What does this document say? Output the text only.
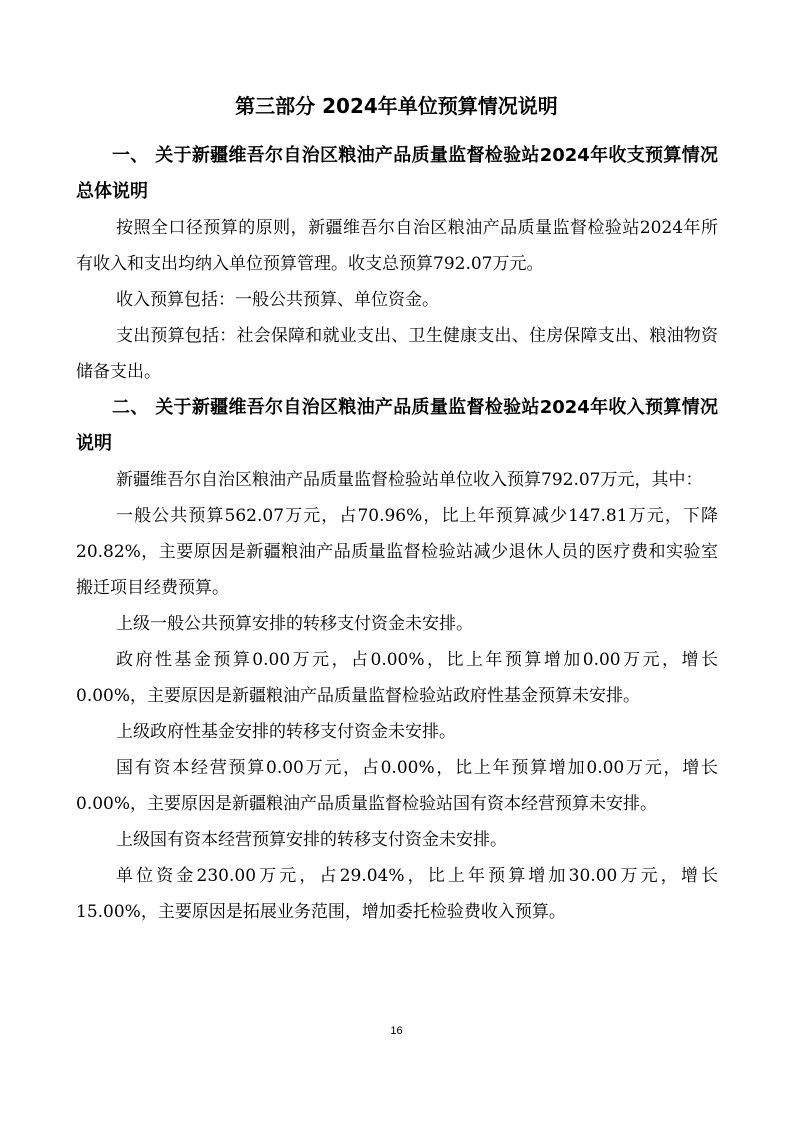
第三部分 2024年单位预算情况说明

一、 关于新疆维吾尔自治区粮油产品质量监督检验站2024年收支预算情况总体说明

按照全口径预算的原则，新疆维吾尔自治区粮油产品质量监督检验站2024年所有收入和支出均纳入单位预算管理。收支总预算792.07万元。

收入预算包括：一般公共预算、单位资金。

支出预算包括：社会保障和就业支出、卫生健康支出、住房保障支出、粮油物资储备支出。

二、 关于新疆维吾尔自治区粮油产品质量监督检验站2024年收入预算情况说明

新疆维吾尔自治区粮油产品质量监督检验站单位收入预算792.07万元，其中：

一般公共预算562.07万元，占70.96%，比上年预算减少147.81万元，下降20.82%，主要原因是新疆粮油产品质量监督检验站减少退休人员的医疗费和实验室搬迁项目经费预算。

上级一般公共预算安排的转移支付资金未安排。

政府性基金预算0.00万元，占0.00%，比上年预算增加0.00万元，增长0.00%，主要原因是新疆粮油产品质量监督检验站政府性基金预算未安排。

上级政府性基金安排的转移支付资金未安排。

国有资本经营预算0.00万元，占0.00%，比上年预算增加0.00万元，增长0.00%，主要原因是新疆粮油产品质量监督检验站国有资本经营预算未安排。

上级国有资本经营预算安排的转移支付资金未安排。

单位资金230.00万元，占29.04%，比上年预算增加30.00万元，增长15.00%，主要原因是拓展业务范围，增加委托检验费收入预算。

16
